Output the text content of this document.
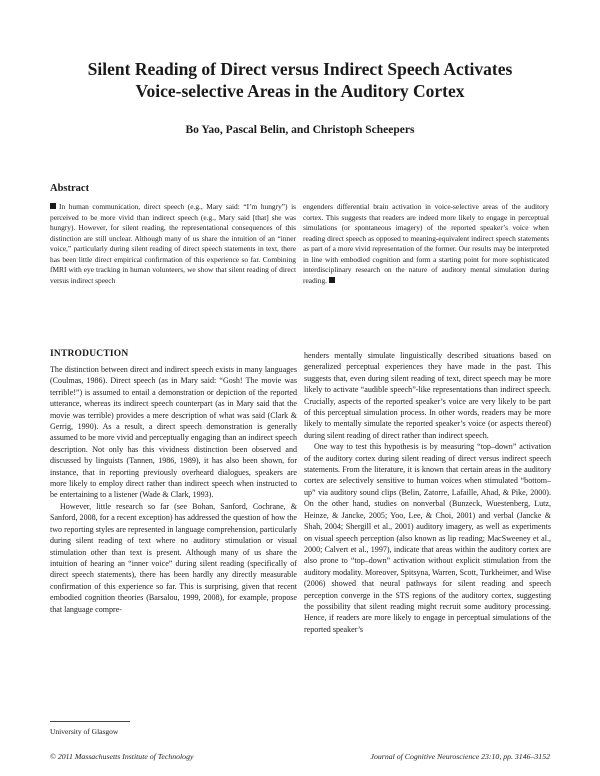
Silent Reading of Direct versus Indirect Speech Activates
Voice-selective Areas in the Auditory Cortex
Bo Yao, Pascal Belin, and Christoph Scheepers
Abstract
In human communication, direct speech (e.g., Mary said: “I’m hungry”) is perceived to be more vivid than indirect speech (e.g., Mary said [that] she was hungry). However, for silent reading, the representational consequences of this distinction are still unclear. Although many of us share the intuition of an “inner voice,” particularly during silent reading of direct speech statements in text, there has been little direct empirical confirmation of this experience so far. Combining fMRI with eye tracking in human volunteers, we show that silent reading of direct versus indirect speech
engenders differential brain activation in voice-selective areas of the auditory cortex. This suggests that readers are indeed more likely to engage in perceptual simulations (or spontaneous imagery) of the reported speaker’s voice when reading direct speech as opposed to meaning-equivalent indirect speech statements as part of a more vivid representation of the former. Our results may be interpreted in line with embodied cognition and form a starting point for more sophisticated interdisciplinary research on the nature of auditory mental simulation during reading.
INTRODUCTION

The distinction between direct and indirect speech exists in many languages (Coulmas, 1986). Direct speech (as in Mary said: “Gosh! The movie was terrible!”) is assumed to entail a demonstration or depiction of the reported utterance, whereas its indirect speech counterpart (as in Mary said that the movie was terrible) provides a mere description of what was said (Clark & Gerrig, 1990). As a result, a direct speech demonstration is generally assumed to be more vivid and perceptually engaging than an indirect speech description. Not only has this vividness distinction been observed and discussed by linguists (Tannen, 1986, 1989), it has also been shown, for instance, that in reporting previously overheard dialogues, speakers are more likely to employ direct rather than indirect speech when instructed to be entertaining to a listener (Wade & Clark, 1993).

However, little research so far (see Bohan, Sanford, Cochrane, & Sanford, 2008, for a recent exception) has addressed the question of how the two reporting styles are represented in language comprehension, particularly during silent reading of text where no auditory stimulation or visual stimulation other than text is present. Although many of us share the intuition of hearing an “inner voice” during silent reading (specifically of direct speech statements), there has been hardly any directly measurable confirmation of this experience so far. This is surprising, given that recent embodied cognition theories (Barsalou, 1999, 2008), for example, propose that language compre-

henders mentally simulate linguistically described situations based on generalized perceptual experiences they have made in the past. This suggests that, even during silent reading of text, direct speech may be more likely to activate “audible speech”-like representations than indirect speech. Crucially, aspects of the reported speaker’s voice are very likely to be part of this perceptual simulation process. In other words, readers may be more likely to mentally simulate the reported speaker’s voice (or aspects thereof) during silent reading of direct rather than indirect speech.

One way to test this hypothesis is by measuring “top–down” activation of the auditory cortex during silent reading of direct versus indirect speech statements. From the literature, it is known that certain areas in the auditory cortex are selectively sensitive to human voices when stimulated “bottom–up” via auditory sound clips (Belin, Zatorre, Lafaille, Ahad, & Pike, 2000). On the other hand, studies on nonverbal (Bunzeck, Wuestenberg, Lutz, Heinze, & Jancke, 2005; Yoo, Lee, & Choi, 2001) and verbal (Jancke & Shah, 2004; Shergill et al., 2001) auditory imagery, as well as experiments on visual speech perception (also known as lip reading; MacSweeney et al., 2000; Calvert et al., 1997), indicate that areas within the auditory cortex are also prone to “top–down” activation without explicit stimulation from the auditory modality. Moreover, Spitsyna, Warren, Scott, Turkheimer, and Wise (2006) showed that neural pathways for silent reading and speech perception converge in the STS regions of the auditory cortex, suggesting the possibility that silent reading might recruit some auditory processing. Hence, if readers are more likely to engage in perceptual simulations of the reported speaker’s

University of Glasgow
© 2011 Massachusetts Institute of Technology	Journal of Cognitive Neuroscience 23:10, pp. 3146–3152
